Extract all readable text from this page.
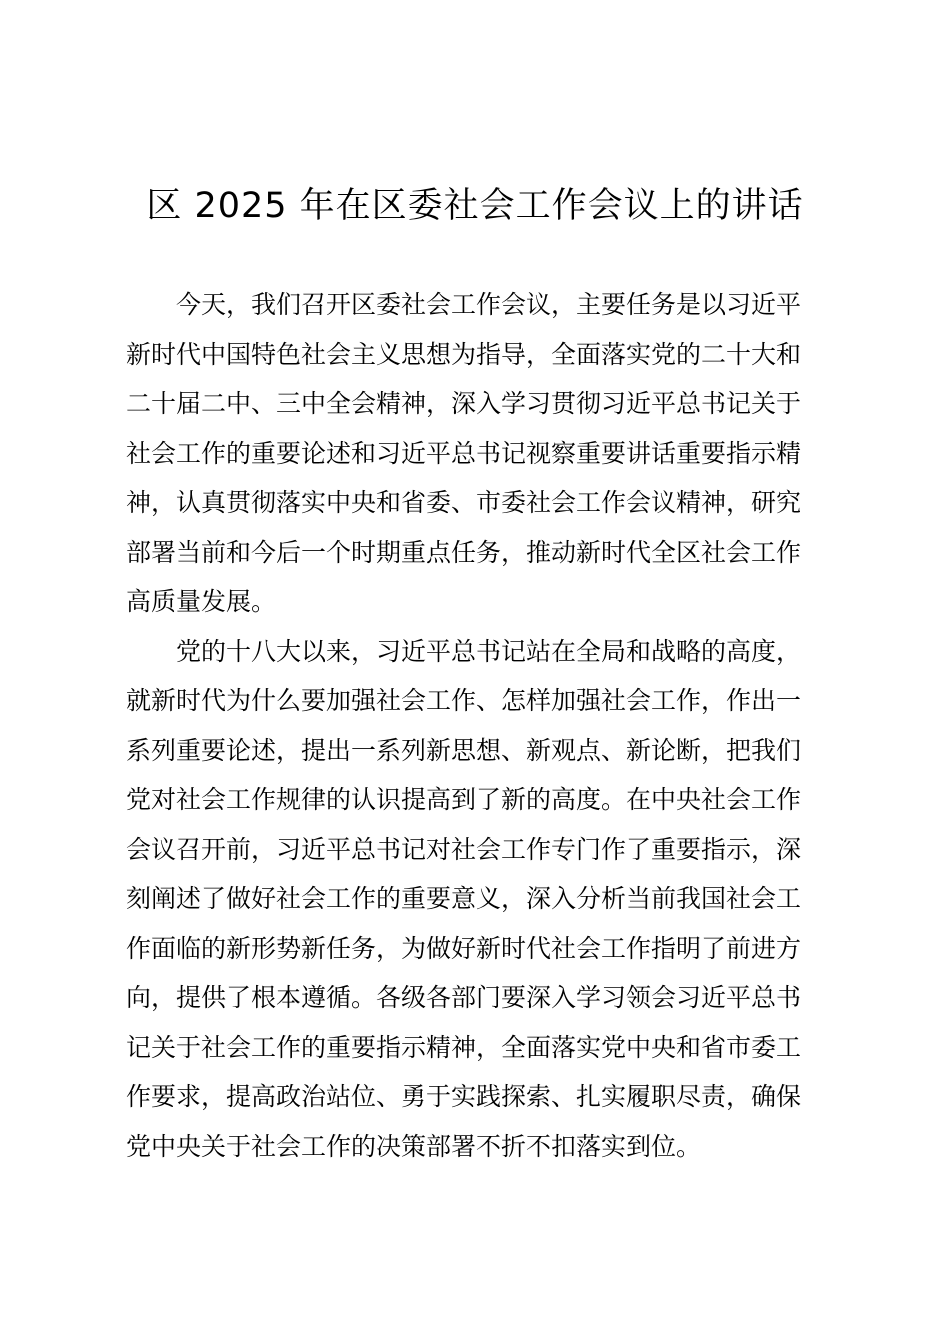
区 2025 年在区委社会工作会议上的讲话
今天，我们召开区委社会工作会议，主要任务是以习近平
新时代中国特色社会主义思想为指导，全面落实党的二十大和
二十届二中、三中全会精神，深入学习贯彻习近平总书记关于
社会工作的重要论述和习近平总书记视察重要讲话重要指示精
神，认真贯彻落实中央和省委、市委社会工作会议精神，研究
部署当前和今后一个时期重点任务，推动新时代全区社会工作
高质量发展。
党的十八大以来，习近平总书记站在全局和战略的高度，
就新时代为什么要加强社会工作、怎样加强社会工作，作出一
系列重要论述，提出一系列新思想、新观点、新论断，把我们
党对社会工作规律的认识提高到了新的高度。在中央社会工作
会议召开前，习近平总书记对社会工作专门作了重要指示，深
刻阐述了做好社会工作的重要意义，深入分析当前我国社会工
作面临的新形势新任务，为做好新时代社会工作指明了前进方
向，提供了根本遵循。各级各部门要深入学习领会习近平总书
记关于社会工作的重要指示精神，全面落实党中央和省市委工
作要求，提高政治站位、勇于实践探索、扎实履职尽责，确保
党中央关于社会工作的决策部署不折不扣落实到位。
